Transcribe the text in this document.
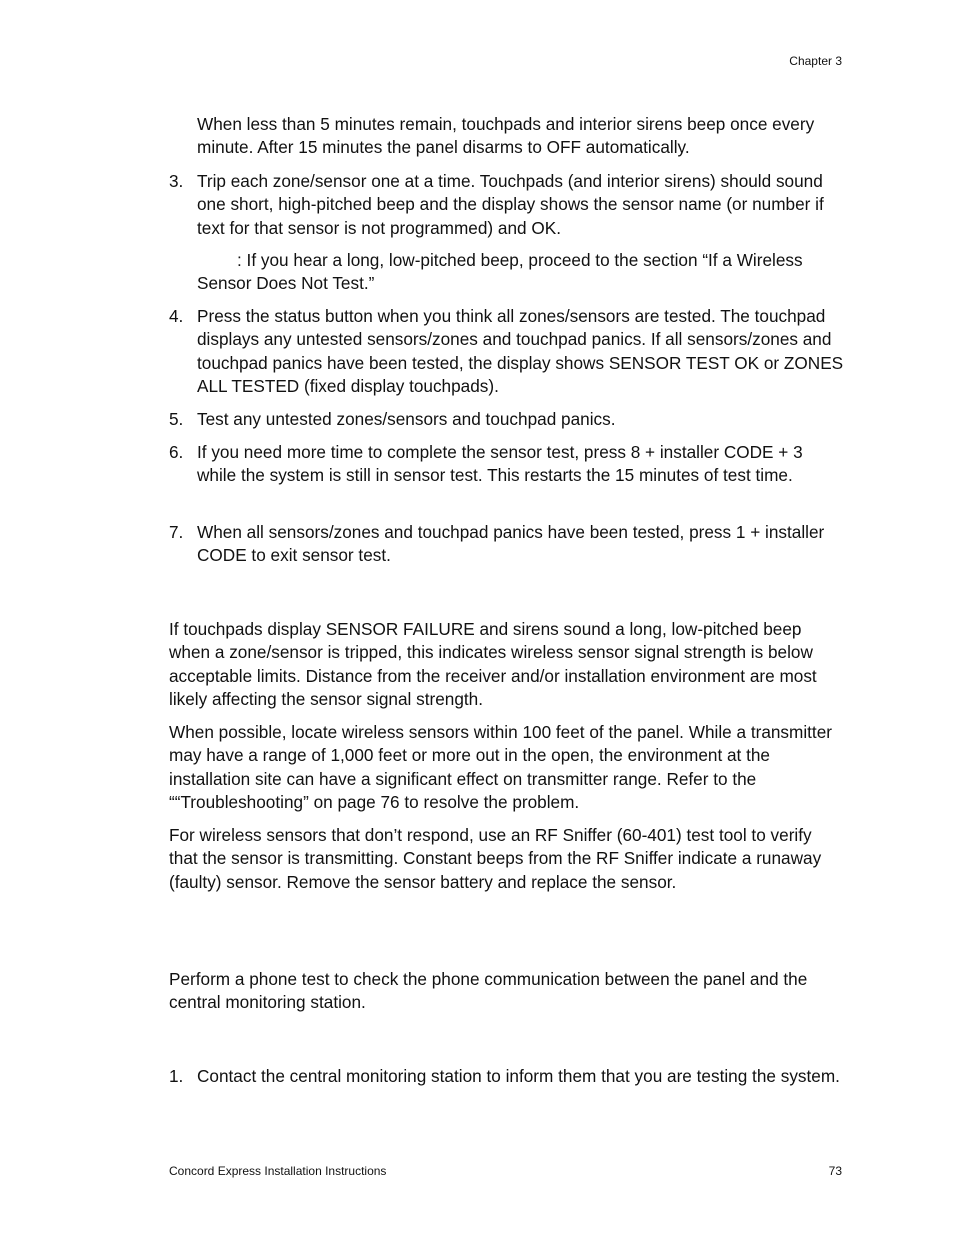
Chapter 3

When less than 5 minutes remain, touchpads and interior sirens beep once every minute. After 15 minutes the panel disarms to OFF automatically.

3. Trip each zone/sensor one at a time. Touchpads (and interior sirens) should sound one short, high-pitched beep and the display shows the sensor name (or number if text for that sensor is not programmed) and OK.

: If you hear a long, low-pitched beep, proceed to the section “If a Wireless Sensor Does Not Test.”

4. Press the status button when you think all zones/sensors are tested. The touchpad displays any untested sensors/zones and touchpad panics. If all sensors/zones and touchpad panics have been tested, the display shows SENSOR TEST OK or ZONES ALL TESTED (fixed display touchpads).

5. Test any untested zones/sensors and touchpad panics.

6. If you need more time to complete the sensor test, press 8 + installer CODE + 3 while the system is still in sensor test. This restarts the 15 minutes of test time.

7. When all sensors/zones and touchpad panics have been tested, press 1 + installer CODE to exit sensor test.

If touchpads display SENSOR FAILURE and sirens sound a long, low-pitched beep when a zone/sensor is tripped, this indicates wireless sensor signal strength is below acceptable limits. Distance from the receiver and/or installation environment are most likely affecting the sensor signal strength.

When possible, locate wireless sensors within 100 feet of the panel. While a transmitter may have a range of 1,000 feet or more out in the open, the environment at the installation site can have a significant effect on transmitter range. Refer to the ““Troubleshooting” on page 76 to resolve the problem.

For wireless sensors that don’t respond, use an RF Sniffer (60-401) test tool to verify that the sensor is transmitting. Constant beeps from the RF Sniffer indicate a runaway (faulty) sensor. Remove the sensor battery and replace the sensor.

Perform a phone test to check the phone communication between the panel and the central monitoring station.

1. Contact the central monitoring station to inform them that you are testing the system.

Concord Express Installation Instructions	73
